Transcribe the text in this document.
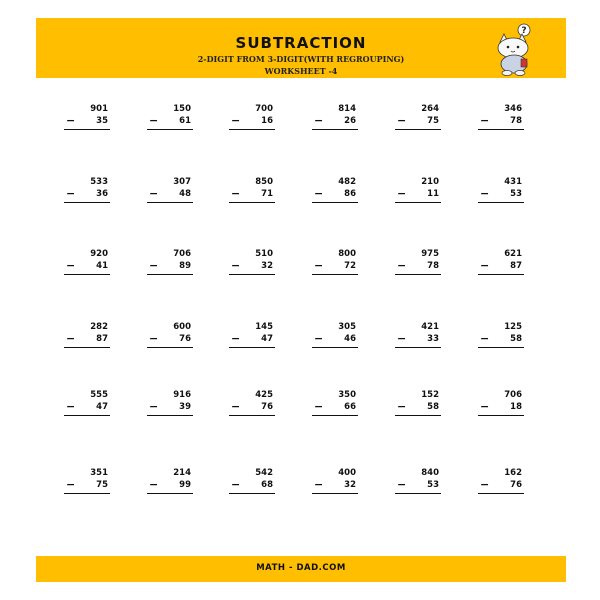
SUBTRACTION
2-DIGIT FROM 3-DIGIT(WITH REGROUPING)
WORKSHEET -4
?
901
− 35
150
− 61
700
− 16
814
− 26
264
− 75
346
− 78
533
− 36
307
− 48
850
− 71
482
− 86
210
− 11
431
− 53
920
− 41
706
− 89
510
− 32
800
− 72
975
− 78
621
− 87
282
− 87
600
− 76
145
− 47
305
− 46
421
− 33
125
− 58
555
− 47
916
− 39
425
− 76
350
− 66
152
− 58
706
− 18
351
− 75
214
− 99
542
− 68
400
− 32
840
− 53
162
− 76
MATH - DAD.COM
